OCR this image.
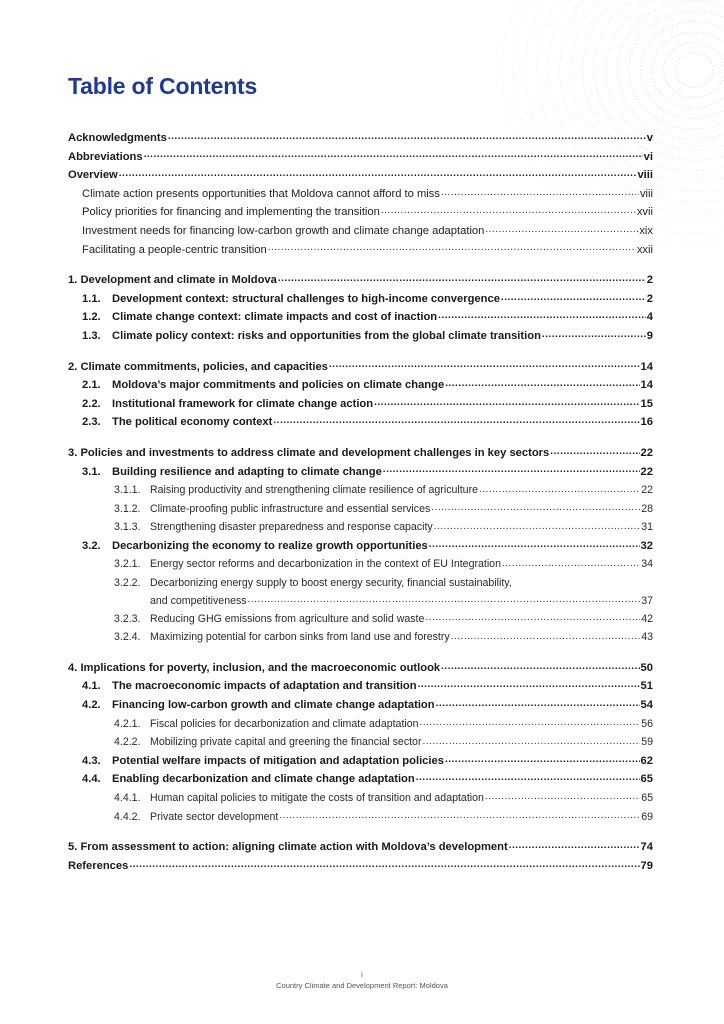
Table of Contents
Acknowledgments .....	v
Abbreviations .....	vi
Overview .....	viii
Climate action presents opportunities that Moldova cannot afford to miss .....	viii
Policy priorities for financing and implementing the transition .....	xvii
Investment needs for financing low-carbon growth and climate change adaptation .....	xix
Facilitating a people-centric transition .....	xxii
1. Development and climate in Moldova .....	2
1.1.	Development context: structural challenges to high-income convergence .....	2
1.2.	Climate change context: climate impacts and cost of inaction .....	4
1.3.	Climate policy context: risks and opportunities from the global climate transition .....	9
2. Climate commitments, policies, and capacities .....	14
2.1.	Moldova’s major commitments and policies on climate change .....	14
2.2.	Institutional framework for climate change action .....	15
2.3.	The political economy context .....	16
3. Policies and investments to address climate and development challenges in key sectors .....	22
3.1.	Building resilience and adapting to climate change .....	22
3.1.1. Raising productivity and strengthening climate resilience of agriculture .....	22
3.1.2. Climate-proofing public infrastructure and essential services .....	28
3.1.3. Strengthening disaster preparedness and response capacity .....	31
3.2.	Decarbonizing the economy to realize growth opportunities .....	32
3.2.1. Energy sector reforms and decarbonization in the context of EU Integration .....	34
3.2.2. Decarbonizing energy supply to boost energy security, financial sustainability,
and competitiveness .....	37
3.2.3. Reducing GHG emissions from agriculture and solid waste .....	42
3.2.4. Maximizing potential for carbon sinks from land use and forestry .....	43
4. Implications for poverty, inclusion, and the macroeconomic outlook .....	50
4.1.	The macroeconomic impacts of adaptation and transition .....	51
4.2.	Financing low-carbon growth and climate change adaptation .....	54
4.2.1. Fiscal policies for decarbonization and climate adaptation .....	56
4.2.2. Mobilizing private capital and greening the financial sector .....	59
4.3.	Potential welfare impacts of mitigation and adaptation policies .....	62
4.4.	Enabling decarbonization and climate change adaptation .....	65
4.4.1. Human capital policies to mitigate the costs of transition and adaptation .....	65
4.4.2. Private sector development .....	69
5. From assessment to action: aligning climate action with Moldova’s development .....	74
References .....	79
i
Country Climate and Development Report: Moldova
